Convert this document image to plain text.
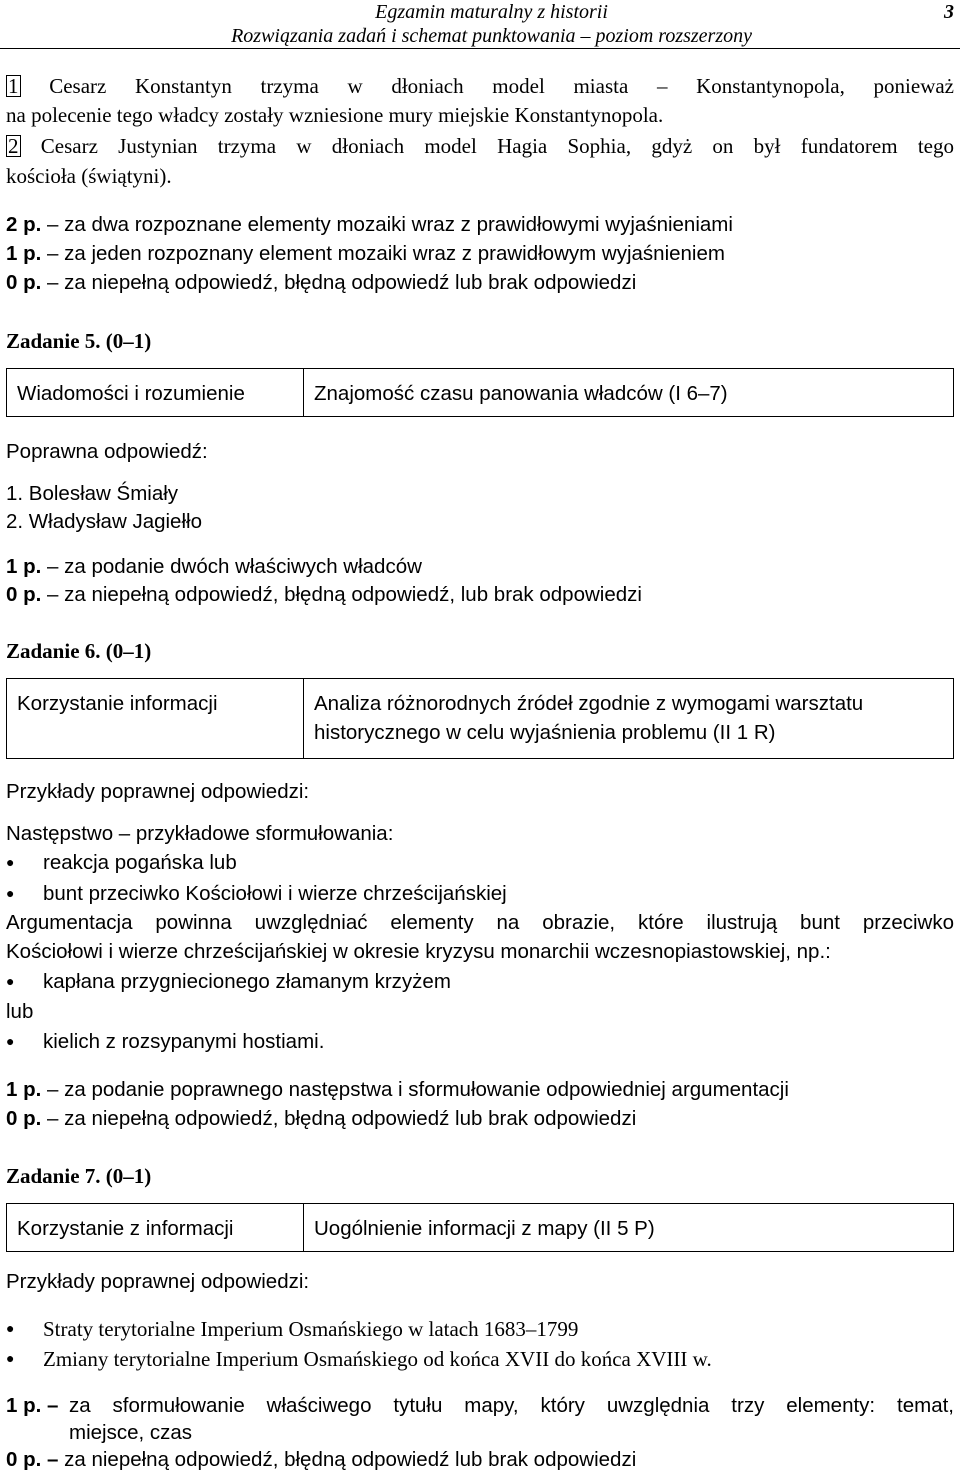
Egzamin maturalny z historii
Rozwiązania zadań i schemat punktowania – poziom rozszerzony
3
1 Cesarz Konstantyn trzyma w dłoniach model miasta – Konstantynopola, ponieważ
na polecenie tego władcy zostały wzniesione mury miejskie Konstantynopola.
2 Cesarz Justynian trzyma w dłoniach model Hagia Sophia, gdyż on był fundatorem tego
kościoła (świątyni).
2 p. – za dwa rozpoznane elementy mozaiki wraz z prawidłowymi wyjaśnieniami
1 p. – za jeden rozpoznany element mozaiki wraz z prawidłowym wyjaśnieniem
0 p. – za niepełną odpowiedź, błędną odpowiedź lub brak odpowiedzi
Zadanie 5. (0–1)
Wiadomości i rozumienie	Znajomość czasu panowania władców (I 6–7)
Poprawna odpowiedź:
1. Bolesław Śmiały
2. Władysław Jagiełło
1 p. – za podanie dwóch właściwych władców
0 p. – za niepełną odpowiedź, błędną odpowiedź, lub brak odpowiedzi
Zadanie 6. (0–1)
Korzystanie informacji	Analiza różnorodnych źródeł zgodnie z wymogami warsztatu historycznego w celu wyjaśnienia problemu (II 1 R)
Przykłady poprawnej odpowiedzi:
Następstwo – przykładowe sformułowania:
● reakcja pogańska lub
● bunt przeciwko Kościołowi i wierze chrześcijańskiej
Argumentacja powinna uwzględniać elementy na obrazie, które ilustrują bunt przeciwko
Kościołowi i wierze chrześcijańskiej w okresie kryzysu monarchii wczesnopiastowskiej, np.:
● kapłana przygniecionego złamanym krzyżem
lub
● kielich z rozsypanymi hostiami.
1 p. – za podanie poprawnego następstwa i sformułowanie odpowiedniej argumentacji
0 p. – za niepełną odpowiedź, błędną odpowiedź lub brak odpowiedzi
Zadanie 7. (0–1)
Korzystanie z informacji	Uogólnienie informacji z mapy (II 5 P)
Przykłady poprawnej odpowiedzi:
● Straty terytorialne Imperium Osmańskiego w latach 1683–1799
● Zmiany terytorialne Imperium Osmańskiego od końca XVII do końca XVIII w.
1 p. – za sformułowanie właściwego tytułu mapy, który uwzględnia trzy elementy: temat,
miejsce, czas
0 p. – za niepełną odpowiedź, błędną odpowiedź lub brak odpowiedzi
